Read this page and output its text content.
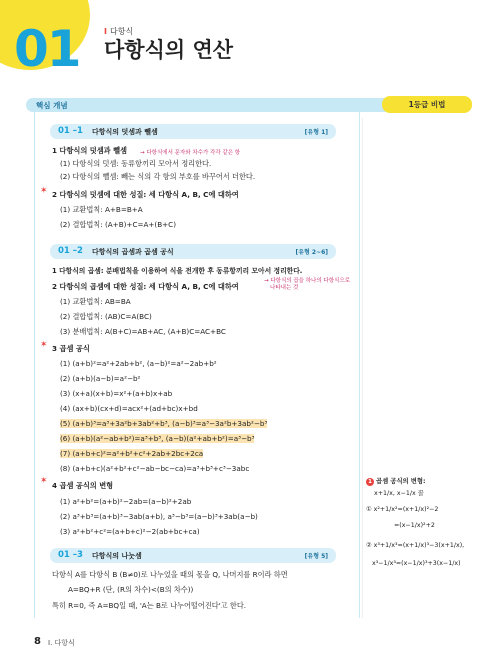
01	I 다항식
다항식의 연산
핵심 개념	1등급 비법
01 –1 다항식의 덧셈과 뺄셈	[유형 1]
1 다항식의 덧셈과 뺄셈 → 다항식에서 문자와 차수가 각각 같은 항
(1) 다항식의 덧셈: 동류항끼리 모아서 정리한다.
(2) 다항식의 뺄셈: 빼는 식의 각 항의 부호를 바꾸어서 더한다.
✶ 2 다항식의 덧셈에 대한 성질: 세 다항식 A, B, C에 대하여
(1) 교환법칙: A+B=B+A
(2) 결합법칙: (A+B)+C=A+(B+C)
01 –2 다항식의 곱셈과 곱셈 공식	[유형 2~6]
1 다항식의 곱셈: 분배법칙을 이용하여 식을 전개한 후 동류항끼리 모아서 정리한다.
→ 다항식의 곱을 하나의 다항식으로
나타내는 것
2 다항식의 곱셈에 대한 성질: 세 다항식 A, B, C에 대하여
(1) 교환법칙: AB=BA
(2) 결합법칙: (AB)C=A(BC)
(3) 분배법칙: A(B+C)=AB+AC, (A+B)C=AC+BC
✶ 3 곱셈 공식
(1) (a+b)²=a²+2ab+b², (a−b)²=a²−2ab+b²
(2) (a+b)(a−b)=a²−b²
(3) (x+a)(x+b)=x²+(a+b)x+ab
(4) (ax+b)(cx+d)=acx²+(ad+bc)x+bd
(5) (a+b)³=a³+3a²b+3ab²+b³, (a−b)³=a³−3a²b+3ab²−b³
(6) (a+b)(a²−ab+b²)=a³+b³, (a−b)(a²+ab+b²)=a³−b³
(7) (a+b+c)²=a²+b²+c²+2ab+2bc+2ca
(8) (a+b+c)(a²+b²+c²−ab−bc−ca)=a³+b³+c³−3abc
✶ 4 곱셈 공식의 변형
(1) a²+b²=(a+b)²−2ab=(a−b)²+2ab
(2) a³+b³=(a+b)³−3ab(a+b), a³−b³=(a−b)³+3ab(a−b)
(3) a²+b²+c²=(a+b+c)²−2(ab+bc+ca)
01 –3 다항식의 나눗셈	[유형 5]
다항식 A를 다항식 B (B≠0)로 나누었을 때의 몫을 Q, 나머지를 R이라 하면
A=BQ+R (단, (R의 차수)<(B의 차수))
특히 R=0, 즉 A=BQ일 때, 'A는 B로 나누어떨어진다'고 한다.
1 곱셈 공식의 변형:
x+1/x, x−1/x 꼴
① x²+1/x²=(x+1/x)²−2
=(x−1/x)²+2
② x³+1/x³=(x+1/x)³−3(x+1/x),
x³−1/x³=(x−1/x)³+3(x−1/x)
8 I. 다항식
